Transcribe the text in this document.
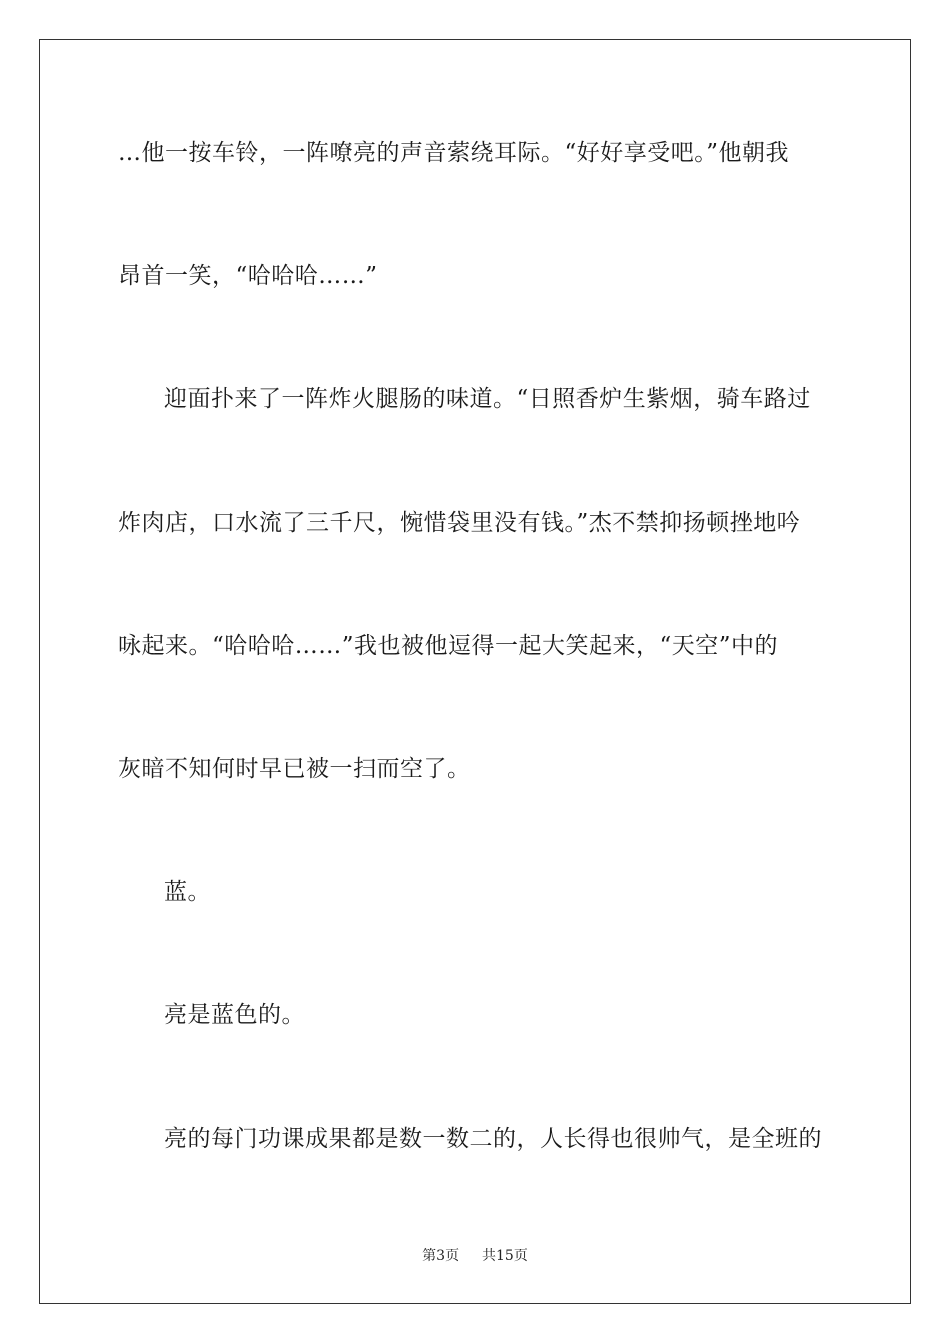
…他一按车铃，一阵嘹亮的声音萦绕耳际。“好好享受吧。”他朝我
昂首一笑，“哈哈哈……”
迎面扑来了一阵炸火腿肠的味道。“日照香炉生紫烟，骑车路过
炸肉店，口水流了三千尺，惋惜袋里没有钱。”杰不禁抑扬顿挫地吟
咏起来。“哈哈哈……”我也被他逗得一起大笑起来，“天空”中的
灰暗不知何时早已被一扫而空了。
蓝。
亮是蓝色的。
亮的每门功课成果都是数一数二的，人长得也很帅气，是全班的
第3页 共15页
